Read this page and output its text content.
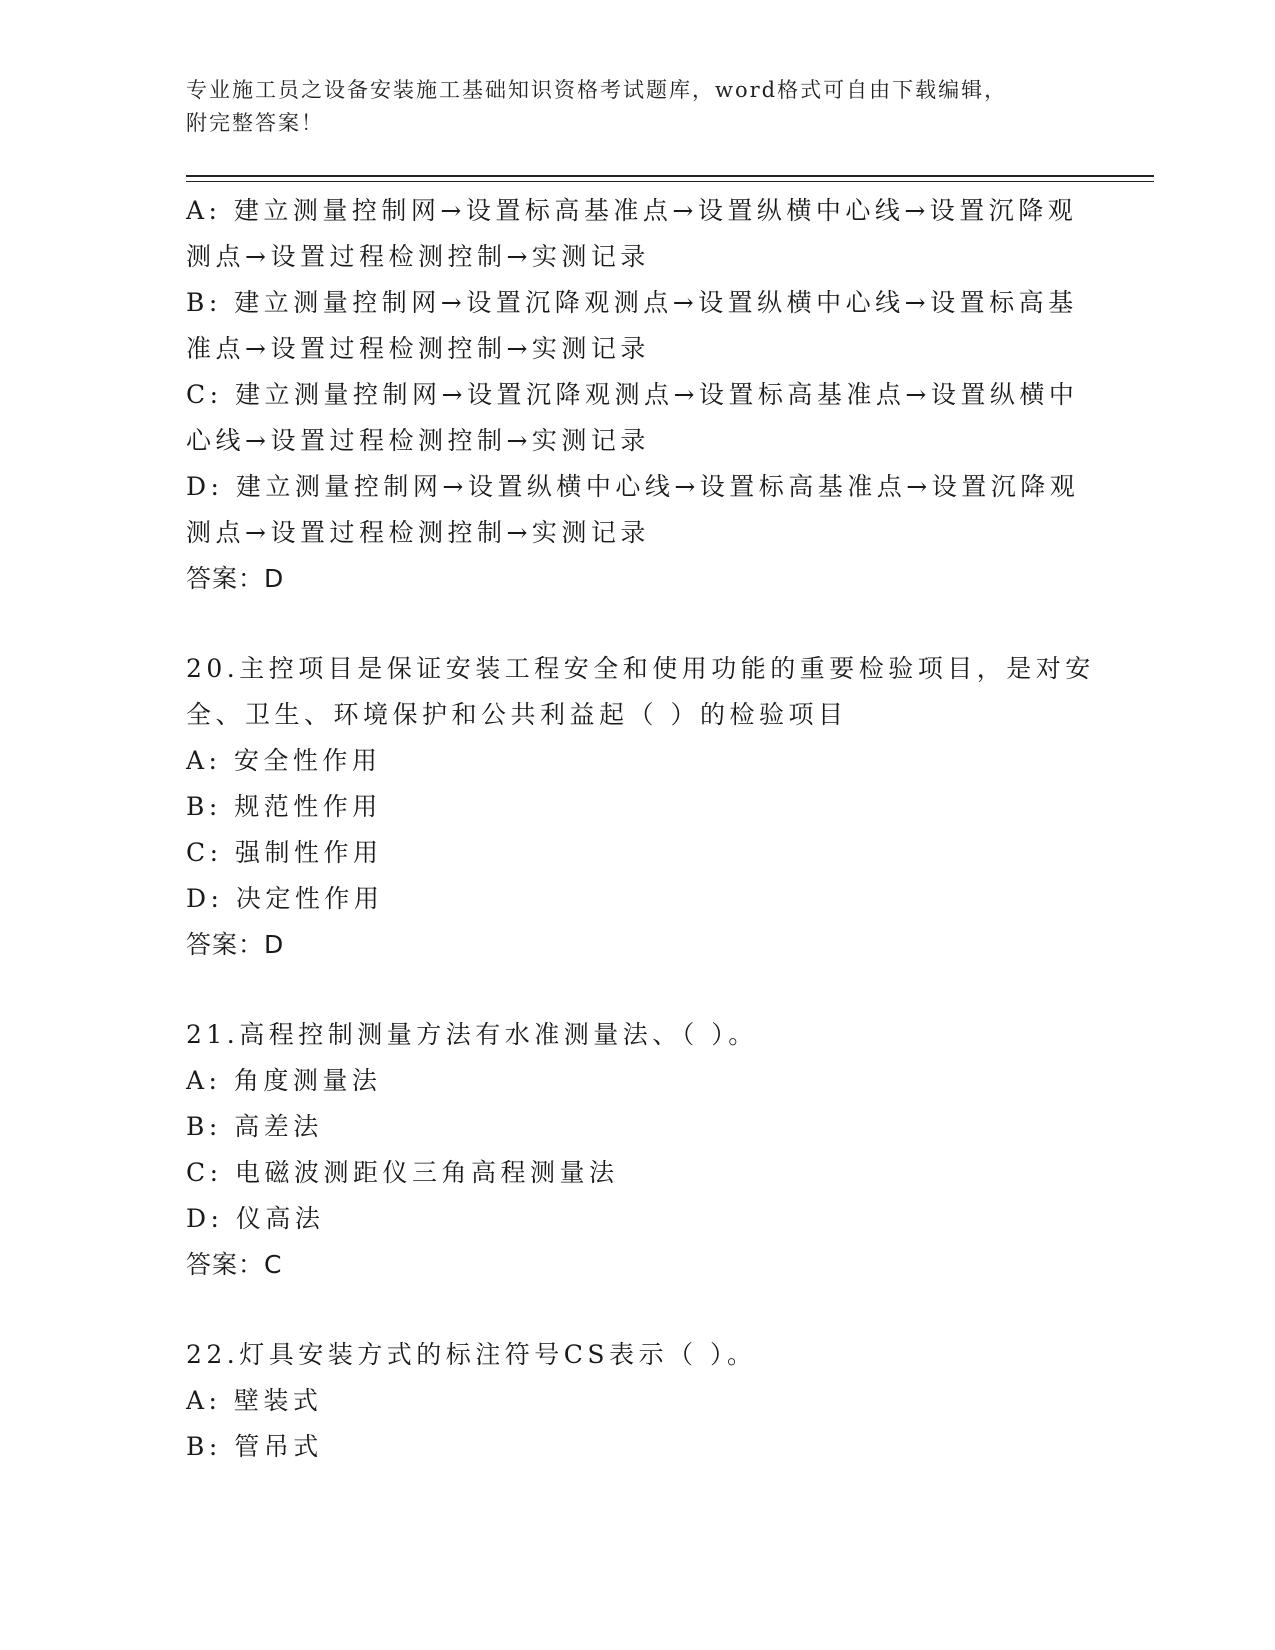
专业施工员之设备安装施工基础知识资格考试题库，word格式可自由下载编辑，
附完整答案！
A: 建立测量控制网→设置标高基准点→设置纵横中心线→设置沉降观
测点→设置过程检测控制→实测记录
B: 建立测量控制网→设置沉降观测点→设置纵横中心线→设置标高基
准点→设置过程检测控制→实测记录
C: 建立测量控制网→设置沉降观测点→设置标高基准点→设置纵横中
心线→设置过程检测控制→实测记录
D: 建立测量控制网→设置纵横中心线→设置标高基准点→设置沉降观
测点→设置过程检测控制→实测记录
答案：D
20.主控项目是保证安装工程安全和使用功能的重要检验项目，是对安
全、卫生、环境保护和公共利益起（ ）的检验项目
A: 安全性作用
B: 规范性作用
C: 强制性作用
D: 决定性作用
答案：D
21.高程控制测量方法有水准测量法、（ ）。
A: 角度测量法
B: 高差法
C: 电磁波测距仪三角高程测量法
D: 仪高法
答案：C
22.灯具安装方式的标注符号CS表示（ ）。
A: 壁装式
B: 管吊式
